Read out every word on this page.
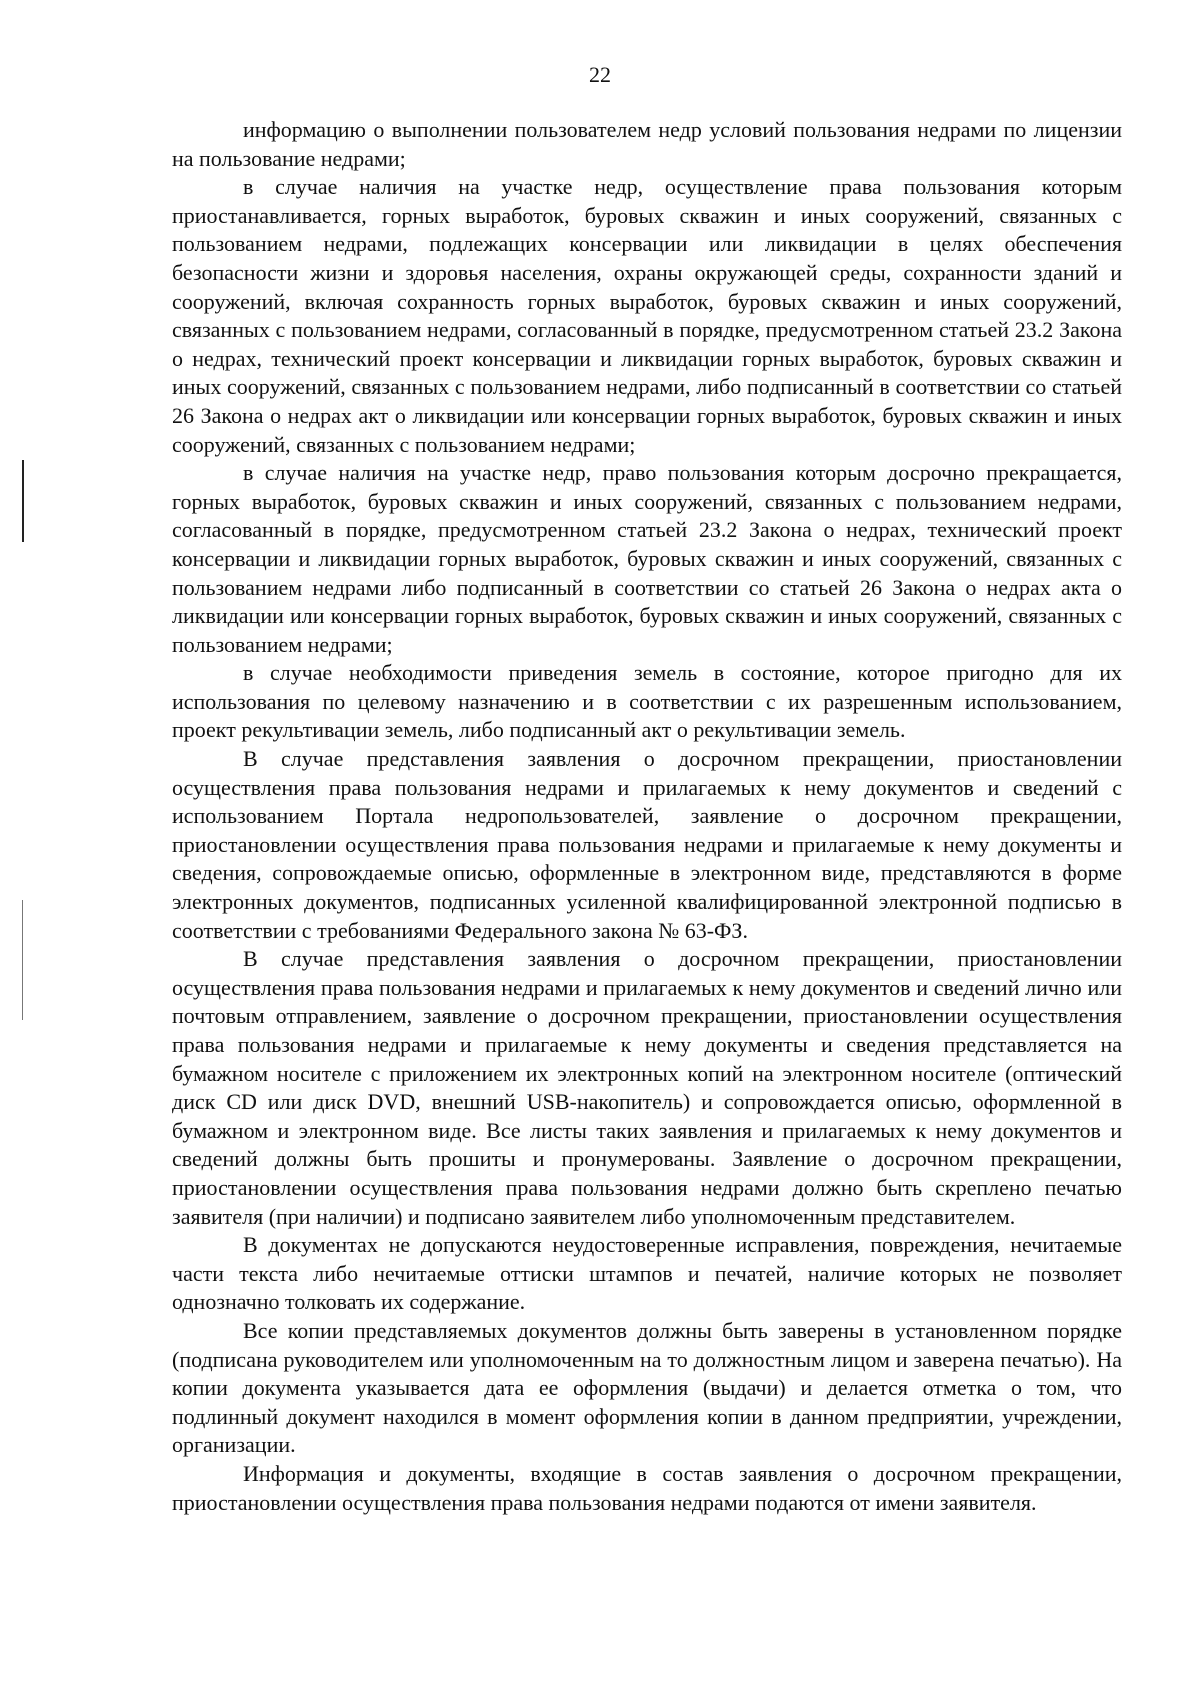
22

информацию о выполнении пользователем недр условий пользования недрами по лицензии на пользование недрами;

в случае наличия на участке недр, осуществление права пользования которым приостанавливается, горных выработок, буровых скважин и иных сооружений, связанных с пользованием недрами, подлежащих консервации или ликвидации в целях обеспечения безопасности жизни и здоровья населения, охраны окружающей среды, сохранности зданий и сооружений, включая сохранность горных выработок, буровых скважин и иных сооружений, связанных с пользованием недрами, согласованный в порядке, предусмотренном статьей 23.2 Закона о недрах, технический проект консервации и ликвидации горных выработок, буровых скважин и иных сооружений, связанных с пользованием недрами, либо подписанный в соответствии со статьей 26 Закона о недрах акт о ликвидации или консервации горных выработок, буровых скважин и иных сооружений, связанных с пользованием недрами;

в случае наличия на участке недр, право пользования которым досрочно прекращается, горных выработок, буровых скважин и иных сооружений, связанных с пользованием недрами, согласованный в порядке, предусмотренном статьей 23.2 Закона о недрах, технический проект консервации и ликвидации горных выработок, буровых скважин и иных сооружений, связанных с пользованием недрами либо подписанный в соответствии со статьей 26 Закона о недрах акта о ликвидации или консервации горных выработок, буровых скважин и иных сооружений, связанных с пользованием недрами;

в случае необходимости приведения земель в состояние, которое пригодно для их использования по целевому назначению и в соответствии с их разрешенным использованием, проект рекультивации земель, либо подписанный акт о рекультивации земель.

В случае представления заявления о досрочном прекращении, приостановлении осуществления права пользования недрами и прилагаемых к нему документов и сведений с использованием Портала недропользователей, заявление о досрочном прекращении, приостановлении осуществления права пользования недрами и прилагаемые к нему документы и сведения, сопровождаемые описью, оформленные в электронном виде, представляются в форме электронных документов, подписанных усиленной квалифицированной электронной подписью в соответствии с требованиями Федерального закона № 63-ФЗ.

В случае представления заявления о досрочном прекращении, приостановлении осуществления права пользования недрами и прилагаемых к нему документов и сведений лично или почтовым отправлением, заявление о досрочном прекращении, приостановлении осуществления права пользования недрами и прилагаемые к нему документы и сведения представляется на бумажном носителе с приложением их электронных копий на электронном носителе (оптический диск CD или диск DVD, внешний USB-накопитель) и сопровождается описью, оформленной в бумажном и электронном виде. Все листы таких заявления и прилагаемых к нему документов и сведений должны быть прошиты и пронумерованы. Заявление о досрочном прекращении, приостановлении осуществления права пользования недрами должно быть скреплено печатью заявителя (при наличии) и подписано заявителем либо уполномоченным представителем.

В документах не допускаются неудостоверенные исправления, повреждения, нечитаемые части текста либо нечитаемые оттиски штампов и печатей, наличие которых не позволяет однозначно толковать их содержание.

Все копии представляемых документов должны быть заверены в установленном порядке (подписана руководителем или уполномоченным на то должностным лицом и заверена печатью). На копии документа указывается дата ее оформления (выдачи) и делается отметка о том, что подлинный документ находился в момент оформления копии в данном предприятии, учреждении, организации.

Информация и документы, входящие в состав заявления о досрочном прекращении, приостановлении осуществления права пользования недрами подаются от имени заявителя.
